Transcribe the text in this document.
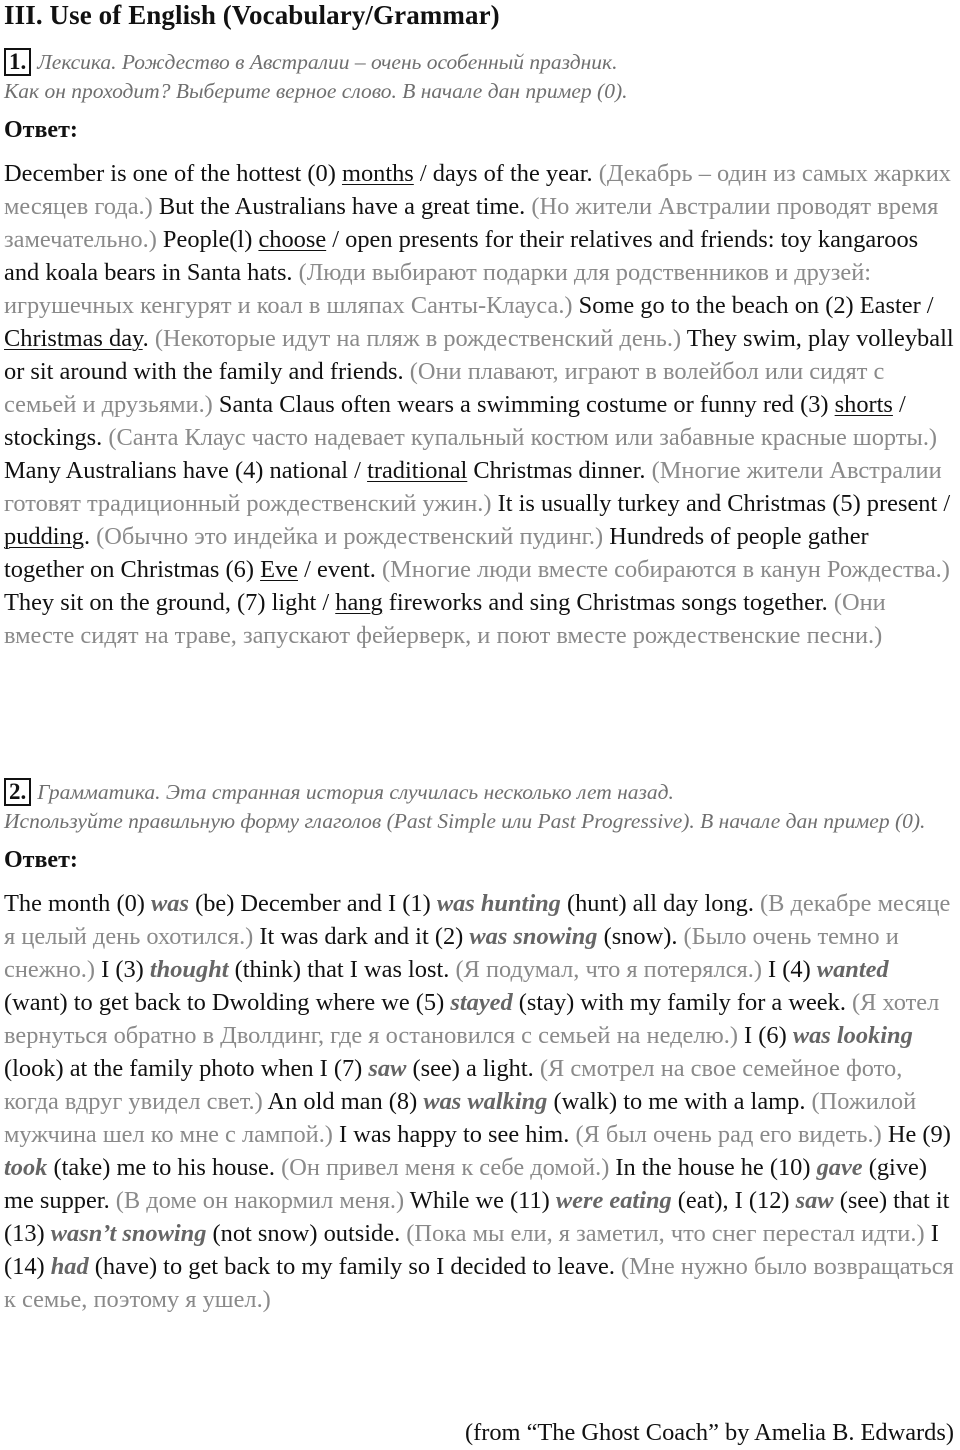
III. Use of English (Vocabulary/Grammar)
1. Лексика. Рождество в Австралии – очень особенный праздник.
Как он проходит? Выберите верное слово. В начале дан пример (0).
Ответ:
December is one of the hottest (0) months / days of the year. (Декабрь – один из самых жарких месяцев года.) But the Australians have a great time. (Но жители Австралии проводят время замечательно.) People(l) choose / open presents for their relatives and friends: toy kangaroos and koala bears in Santa hats. (Люди выбирают подарки для родственников и друзей: игрушечных кенгурят и коал в шляпах Санты-Клауса.) Some go to the beach on (2) Easter / Christmas day. (Некоторые идут на пляж в рождественский день.) They swim, play volleyball or sit around with the family and friends. (Они плавают, играют в волейбол или сидят с семьей и друзьями.) Santa Claus often wears a swimming costume or funny red (3) shorts / stockings. (Санта Клаус часто надевает купальный костюм или забавные красные шорты.) Many Australians have (4) national / traditional Christmas dinner. (Многие жители Австралии готовят традиционный рождественский ужин.) It is usually turkey and Christmas (5) present / pudding. (Обычно это индейка и рождественский пудинг.) Hundreds of people gather together on Christmas (6) Eve / event. (Многие люди вместе собираются в канун Рождества.) They sit on the ground, (7) light / hang fireworks and sing Christmas songs together. (Они вместе сидят на траве, запускают фейерверк, и поют вместе рождественские песни.)
2. Грамматика. Эта странная история случилась несколько лет назад.
Используйте правильную форму глаголов (Past Simple или Past Progressive). В начале дан пример (0).
Ответ:
The month (0) was (be) December and I (1) was hunting (hunt) all day long. (В декабре месяце я целый день охотился.) It was dark and it (2) was snowing (snow). (Было очень темно и снежно.) I (3) thought (think) that I was lost. (Я подумал, что я потерялся.) I (4) wanted (want) to get back to Dwolding where we (5) stayed (stay) with my family for a week. (Я хотел вернуться обратно в Дволдинг, где я остановился с семьей на неделю.) I (6) was looking (look) at the family photo when I (7) saw (see) a light. (Я смотрел на свое семейное фото, когда вдруг увидел свет.) An old man (8) was walking (walk) to me with a lamp. (Пожилой мужчина шел ко мне с лампой.) I was happy to see him. (Я был очень рад его видеть.) He (9) took (take) me to his house. (Он привел меня к себе домой.) In the house he (10) gave (give) me supper. (В доме он накормил меня.) While we (11) were eating (eat), I (12) saw (see) that it (13) wasn’t snowing (not snow) outside. (Пока мы ели, я заметил, что снег перестал идти.) I (14) had (have) to get back to my family so I decided to leave. (Мне нужно было возвращаться к семье, поэтому я ушел.)
(from “The Ghost Coach” by Amelia B. Edwards)
